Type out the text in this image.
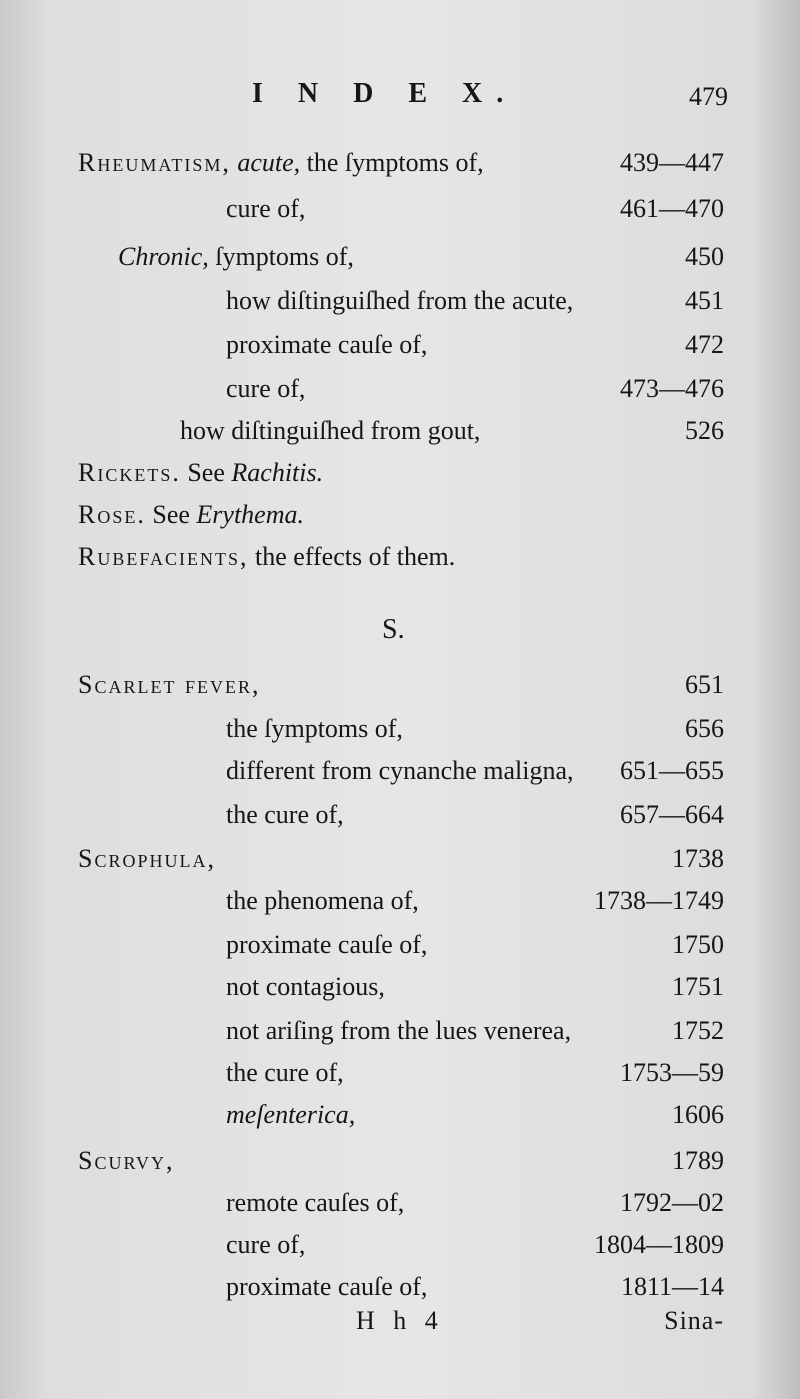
I N D E X.	479
Rheumatism, acute, the ſymptoms of,	439—447
cure of,	461—470
Chronic, ſymptoms of,	450
how diſtinguiſhed from the acute,	451
proximate cauſe of,	472
cure of,	473—476
how diſtinguiſhed from gout,	526
Rickets. See Rachitis.
Rose. See Erythema.
Rubefacients, the effects of them.
Scarlet fever,	651
the ſymptoms of,	656
different from cynanche maligna, 651—655
the cure of,	657—664
Scrophula,	1738
the phenomena of,	1738—1749
proximate cauſe of,	1750
not contagious,	1751
not ariſing from the lues venerea,	1752
the cure of,	1753—59
meſenterica,	1606
Scurvy,	1789
remote cauſes of,	1792—02
cure of,	1804—1809
proximate cauſe of,	1811—14
S.
H h 4	Sina-
